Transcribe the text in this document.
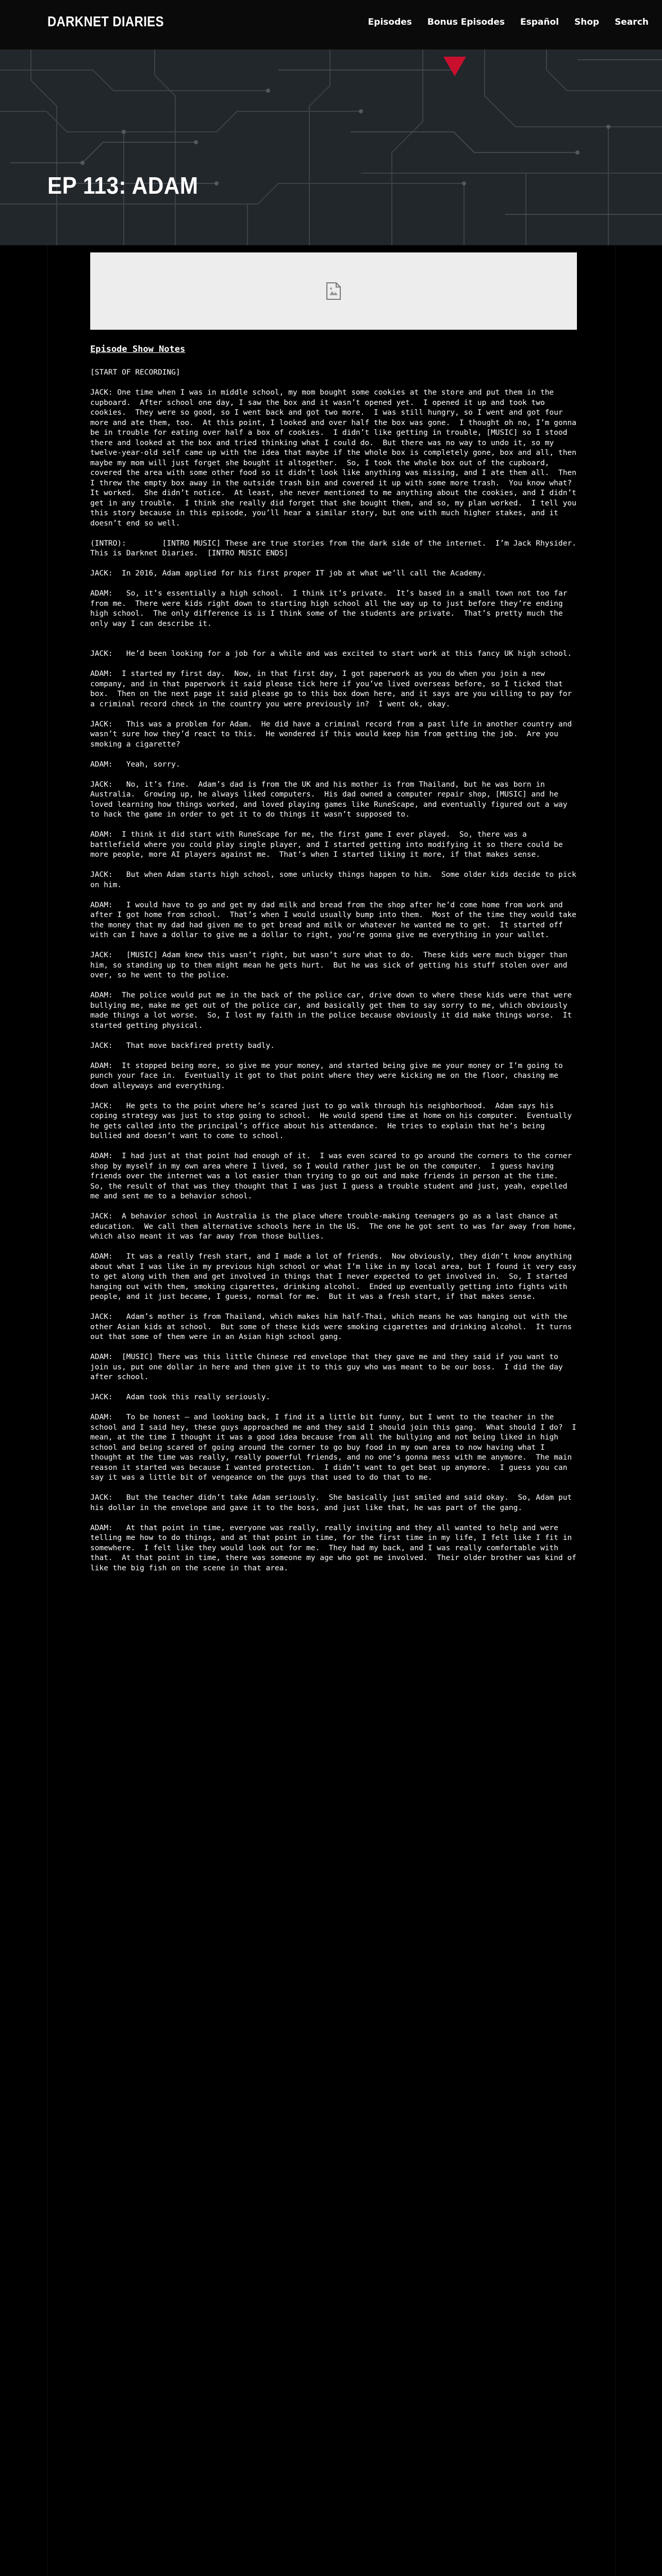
DARKNET DIARIES	Episodes Bonus Episodes Español Shop Search
EP 113: ADAM
Episode Show Notes

[START OF RECORDING]

JACK: One time when I was in middle school, my mom bought some cookies at the store and put them in the cupboard.  After school one day, I saw the box and it wasn’t opened yet.  I opened it up and took two cookies.  They were so good, so I went back and got two more.  I was still hungry, so I went and got four more and ate them, too.  At this point, I looked and over half the box was gone.  I thought oh no, I’m gonna be in trouble for eating over half a box of cookies.  I didn’t like getting in trouble, [MUSIC] so I stood there and looked at the box and tried thinking what I could do.  But there was no way to undo it, so my twelve-year-old self came up with the idea that maybe if the whole box is completely gone, box and all, then maybe my mom will just forget she bought it altogether.  So, I took the whole box out of the cupboard, covered the area with some other food so it didn’t look like anything was missing, and I ate them all.  Then I threw the empty box away in the outside trash bin and covered it up with some more trash.  You know what?  It worked.  She didn’t notice.  At least, she never mentioned to me anything about the cookies, and I didn’t get in any trouble.  I think she really did forget that she bought them, and so, my plan worked.  I tell you this story because in this episode, you’ll hear a similar story, but one with much higher stakes, and it doesn’t end so well.

(INTRO):        [INTRO MUSIC] These are true stories from the dark side of the internet.  I’m Jack Rhysider.  This is Darknet Diaries.  [INTRO MUSIC ENDS]

JACK:  In 2016, Adam applied for his first proper IT job at what we’ll call the Academy.

ADAM:   So, it’s essentially a high school.  I think it’s private.  It’s based in a small town not too far from me.  There were kids right down to starting high school all the way up to just before they’re ending high school.  The only difference is is I think some of the students are private.  That’s pretty much the only way I can describe it.

JACK:   He’d been looking for a job for a while and was excited to start work at this fancy UK high school.

ADAM:  I started my first day.  Now, in that first day, I got paperwork as you do when you join a new company, and in that paperwork it said please tick here if you’ve lived overseas before, so I ticked that box.  Then on the next page it said please go to this box down here, and it says are you willing to pay for a criminal record check in the country you were previously in?  I went ok, okay.

JACK:   This was a problem for Adam.  He did have a criminal record from a past life in another country and wasn’t sure how they’d react to this.  He wondered if this would keep him from getting the job.  Are you smoking a cigarette?

ADAM:   Yeah, sorry.

JACK:   No, it’s fine.  Adam’s dad is from the UK and his mother is from Thailand, but he was born in Australia.  Growing up, he always liked computers.  His dad owned a computer repair shop, [MUSIC] and he loved learning how things worked, and loved playing games like RuneScape, and eventually figured out a way to hack the game in order to get it to do things it wasn’t supposed to.

ADAM:  I think it did start with RuneScape for me, the first game I ever played.  So, there was a battlefield where you could play single player, and I started getting into modifying it so there could be more people, more AI players against me.  That’s when I started liking it more, if that makes sense.

JACK:   But when Adam starts high school, some unlucky things happen to him.  Some older kids decide to pick on him.

ADAM:   I would have to go and get my dad milk and bread from the shop after he’d come home from work and after I got home from school.  That’s when I would usually bump into them.  Most of the time they would take the money that my dad had given me to get bread and milk or whatever he wanted me to get.  It started off with can I have a dollar to give me a dollar to right, you’re gonna give me everything in your wallet.

JACK:   [MUSIC] Adam knew this wasn’t right, but wasn’t sure what to do.  These kids were much bigger than him, so standing up to them might mean he gets hurt.  But he was sick of getting his stuff stolen over and over, so he went to the police.

ADAM:  The police would put me in the back of the police car, drive down to where these kids were that were bullying me, make me get out of the police car, and basically get them to say sorry to me, which obviously made things a lot worse.  So, I lost my faith in the police because obviously it did make things worse.  It started getting physical.

JACK:   That move backfired pretty badly.

ADAM:  It stopped being more, so give me your money, and started being give me your money or I’m going to punch your face in.  Eventually it got to that point where they were kicking me on the floor, chasing me down alleyways and everything.

JACK:   He gets to the point where he’s scared just to go walk through his neighborhood.  Adam says his coping strategy was just to stop going to school.  He would spend time at home on his computer.  Eventually he gets called into the principal’s office about his attendance.  He tries to explain that he’s being bullied and doesn’t want to come to school.

ADAM:  I had just at that point had enough of it.  I was even scared to go around the corners to the corner shop by myself in my own area where I lived, so I would rather just be on the computer.  I guess having friends over the internet was a lot easier than trying to go out and make friends in person at the time.  So, the result of that was they thought that I was just I guess a trouble student and just, yeah, expelled me and sent me to a behavior school.

JACK:  A behavior school in Australia is the place where trouble-making teenagers go as a last chance at education.  We call them alternative schools here in the US.  The one he got sent to was far away from home, which also meant it was far away from those bullies.

ADAM:   It was a really fresh start, and I made a lot of friends.  Now obviously, they didn’t know anything about what I was like in my previous high school or what I’m like in my local area, but I found it very easy to get along with them and get involved in things that I never expected to get involved in.  So, I started hanging out with them, smoking cigarettes, drinking alcohol.  Ended up eventually getting into fights with people, and it just became, I guess, normal for me.  But it was a fresh start, if that makes sense.

JACK:   Adam’s mother is from Thailand, which makes him half-Thai, which means he was hanging out with the other Asian kids at school.  But some of these kids were smoking cigarettes and drinking alcohol.  It turns out that some of them were in an Asian high school gang.

ADAM:  [MUSIC] There was this little Chinese red envelope that they gave me and they said if you want to join us, put one dollar in here and then give it to this guy who was meant to be our boss.  I did the day after school.

JACK:   Adam took this really seriously.

ADAM:   To be honest – and looking back, I find it a little bit funny, but I went to the teacher in the school and I said hey, these guys approached me and they said I should join this gang.  What should I do?  I mean, at the time I thought it was a good idea because from all the bullying and not being liked in high school and being scared of going around the corner to go buy food in my own area to now having what I thought at the time was really, really powerful friends, and no one’s gonna mess with me anymore.  The main reason it started was because I wanted protection.  I didn’t want to get beat up anymore.  I guess you can say it was a little bit of vengeance on the guys that used to do that to me.

JACK:   But the teacher didn’t take Adam seriously.  She basically just smiled and said okay.  So, Adam put his dollar in the envelope and gave it to the boss, and just like that, he was part of the gang.

ADAM:   At that point in time, everyone was really, really inviting and they all wanted to help and were telling me how to do things, and at that point in time, for the first time in my life, I felt like I fit in somewhere.  I felt like they would look out for me.  They had my back, and I was really comfortable with that.  At that point in time, there was someone my age who got me involved.  Their older brother was kind of like the big fish on the scene in that area.
